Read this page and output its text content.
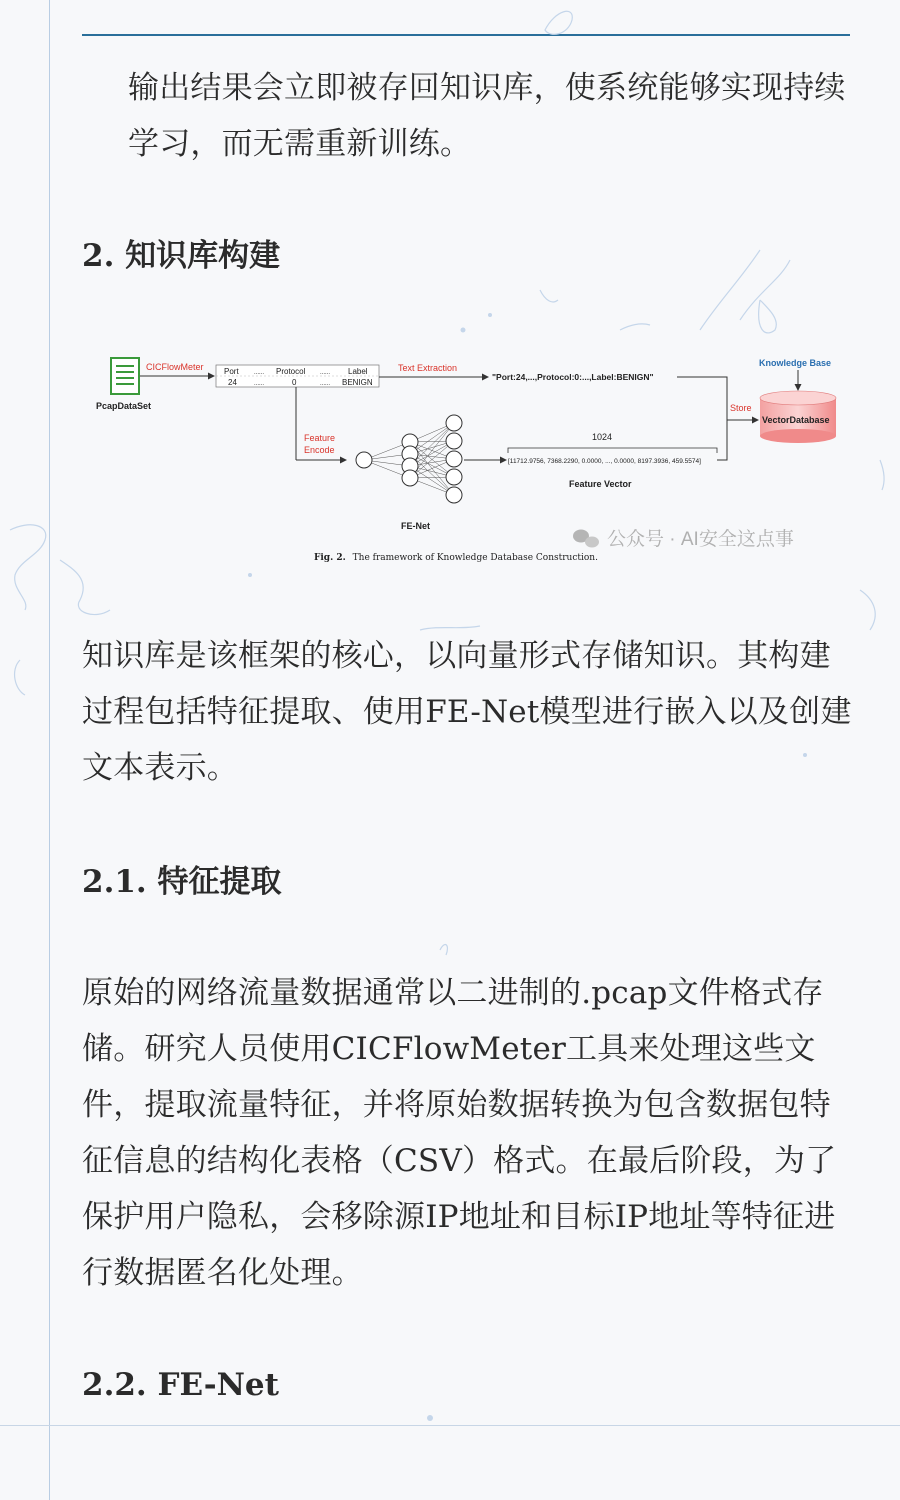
输出结果会立即被存回知识库，使系统能够实现持续学习，而无需重新训练。

2. 知识库构建
PcapDataSet
CICFlowMeter	Port	...... Protocol ...... Label
24	......	0	...... BENIGN
Text Extraction
"Port:24,...,Protocol:0:...,Label:BENIGN"
Store
Knowledge Base
VectorDatabase
Feature
Encode
FE-Net
1024
[11712.9756, 7368.2290, 0.0000, ..., 0.0000, 8197.3936, 459.5574]
Feature Vector
公众号 · AI安全这点事
Fig. 2. The framework of Knowledge Database Construction.

知识库是该框架的核心，以向量形式存储知识。其构建过程包括特征提取、使用FE-Net模型进行嵌入以及创建文本表示。

2.1. 特征提取

原始的网络流量数据通常以二进制的.pcap文件格式存储。研究人员使用CICFlowMeter工具来处理这些文件，提取流量特征，并将原始数据转换为包含数据包特征信息的结构化表格（CSV）格式。在最后阶段，为了保护用户隐私，会移除源IP地址和目标IP地址等特征进行数据匿名化处理。

2.2. FE-Net
